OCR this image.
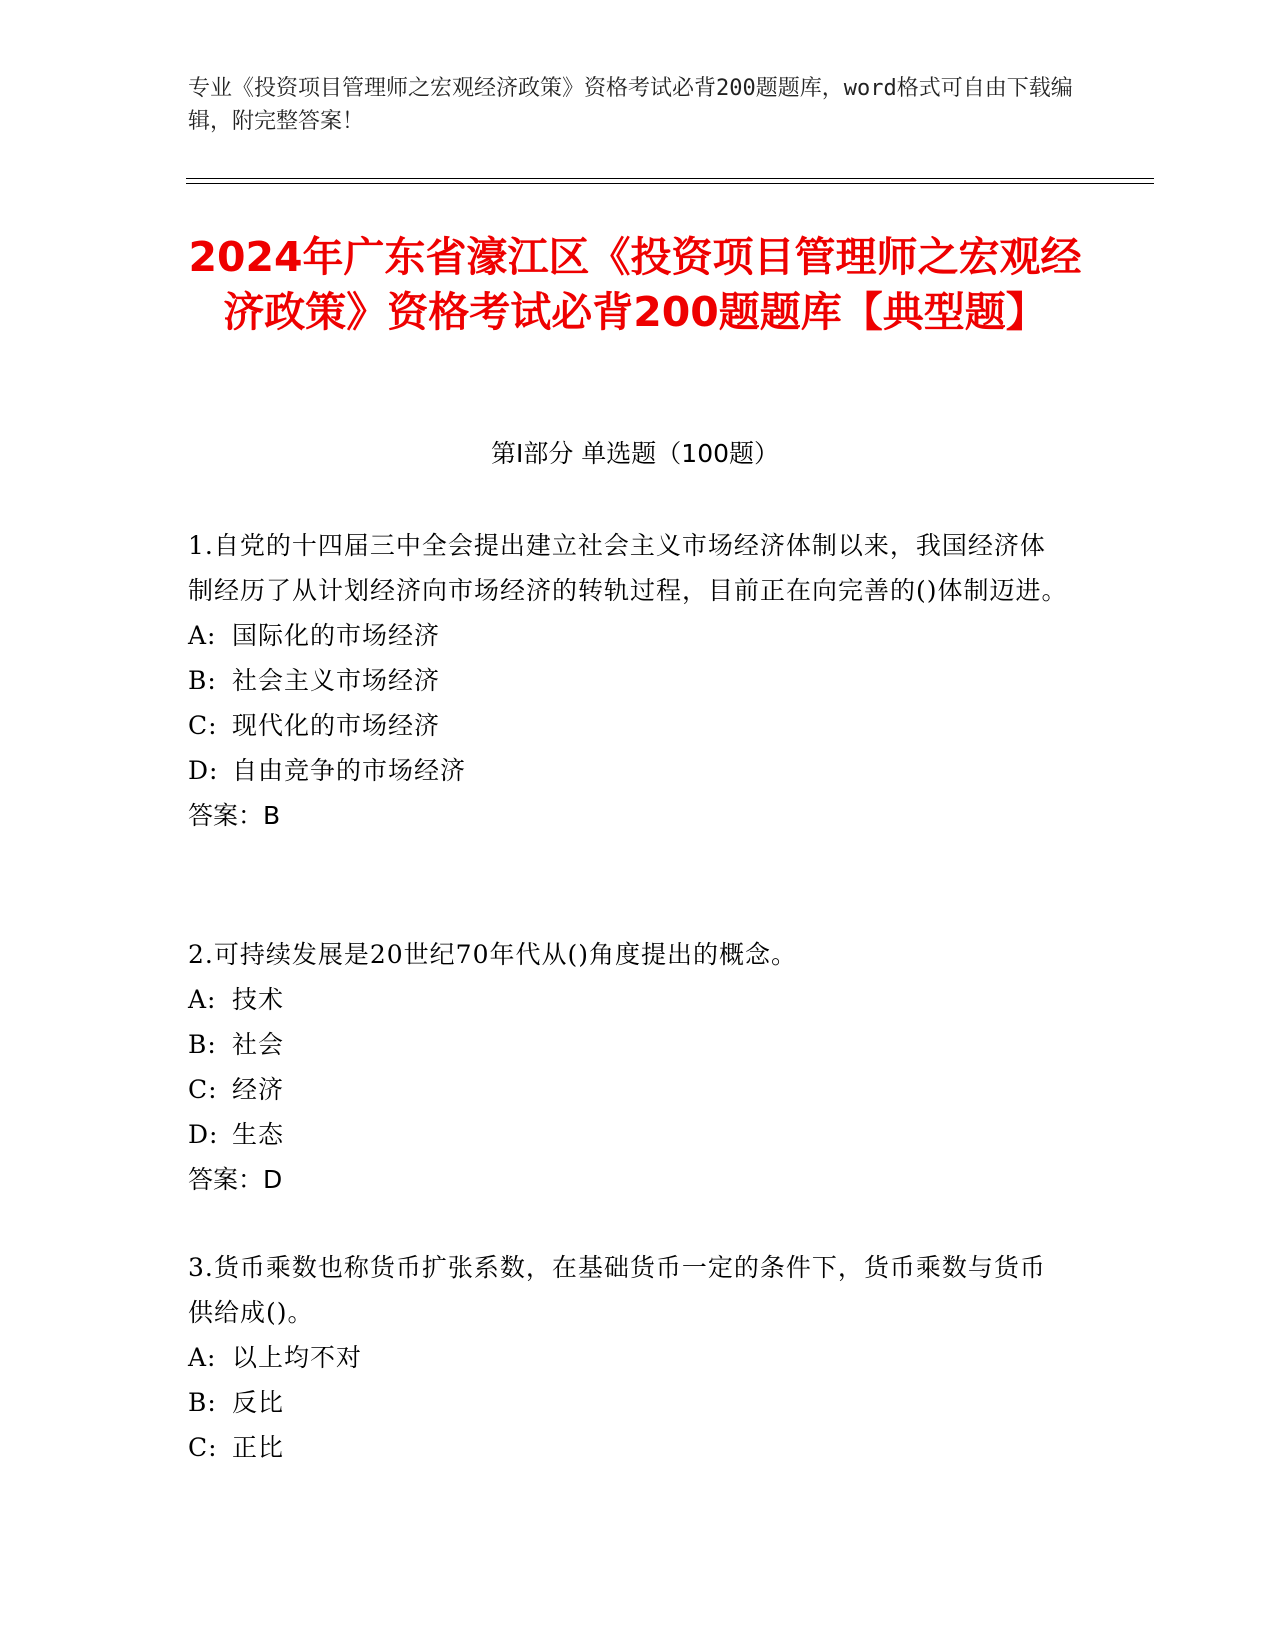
专业《投资项目管理师之宏观经济政策》资格考试必背200题题库，word格式可自由下载编辑，附完整答案！
2024年广东省濠江区《投资项目管理师之宏观经济政策》资格考试必背200题题库【典型题】
第I部分 单选题（100题）
1.自党的十四届三中全会提出建立社会主义市场经济体制以来，我国经济体制经历了从计划经济向市场经济的转轨过程，目前正在向完善的()体制迈进。
A: 国际化的市场经济
B: 社会主义市场经济
C: 现代化的市场经济
D: 自由竞争的市场经济
答案：B
2.可持续发展是20世纪70年代从()角度提出的概念。
A: 技术
B: 社会
C: 经济
D: 生态
答案：D
3.货币乘数也称货币扩张系数，在基础货币一定的条件下，货币乘数与货币供给成()。
A: 以上均不对
B: 反比
C: 正比
